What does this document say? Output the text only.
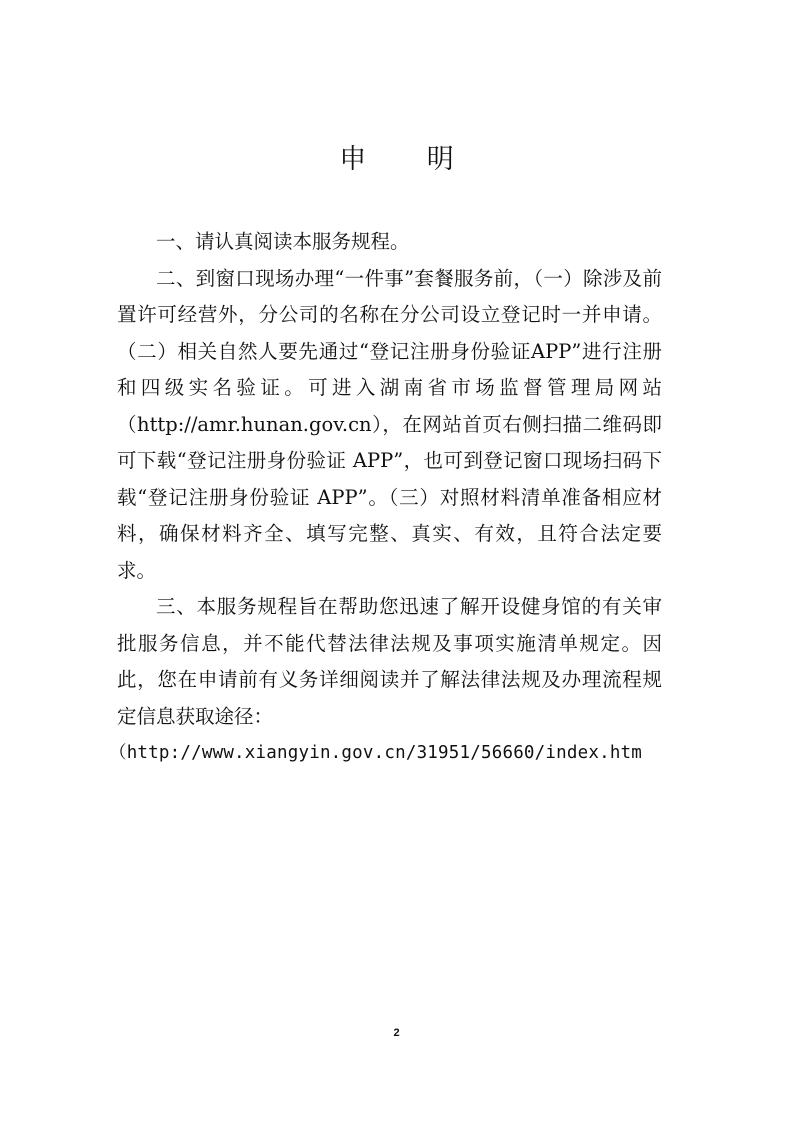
申 明

一、请认真阅读本服务规程。

二、到窗口现场办理“一件事”套餐服务前，（一）除涉及前置许可经营外，分公司的名称在分公司设立登记时一并申请。（二）相关自然人要先通过“登记注册身份验证APP”进行注册和四级实名验证。可进入湖南省市场监督管理局网站（http://amr.hunan.gov.cn），在网站首页右侧扫描二维码即可下载“登记注册身份验证 APP”，也可到登记窗口现场扫码下载“登记注册身份验证 APP”。（三）对照材料清单准备相应材料，确保材料齐全、填写完整、真实、有效，且符合法定要求。

三、本服务规程旨在帮助您迅速了解开设健身馆的有关审批服务信息，并不能代替法律法规及事项实施清单规定。因此，您在申请前有义务详细阅读并了解法律法规及办理流程规定信息获取途径：

（http://www.xiangyin.gov.cn/31951/56660/index.htm
2
